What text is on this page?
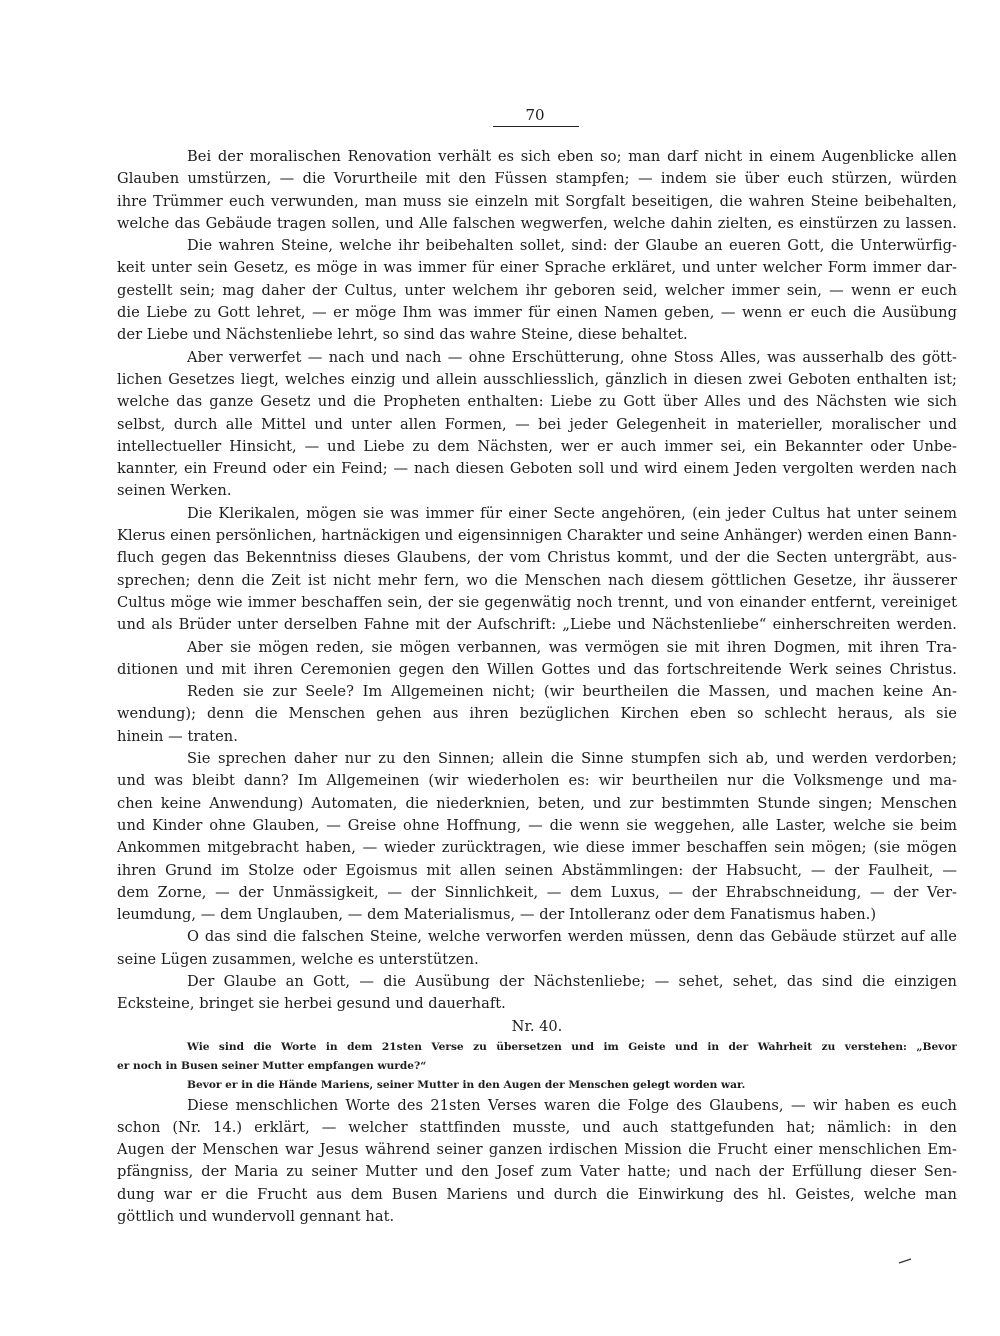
70
Bei der moralischen Renovation verhält es sich eben so; man darf nicht in einem Augenblicke allen
Glauben umstürzen, — die Vorurtheile mit den Füssen stampfen; — indem sie über euch stürzen, würden
ihre Trümmer euch verwunden, man muss sie einzeln mit Sorgfalt beseitigen, die wahren Steine beibehalten,
welche das Gebäude tragen sollen, und Alle falschen wegwerfen, welche dahin zielten, es einstürzen zu lassen.
Die wahren Steine, welche ihr beibehalten sollet, sind: der Glaube an eueren Gott, die Unterwürfig-
keit unter sein Gesetz, es möge in was immer für einer Sprache erkläret, und unter welcher Form immer dar-
gestellt sein; mag daher der Cultus, unter welchem ihr geboren seid, welcher immer sein, — wenn er euch
die Liebe zu Gott lehret, — er möge Ihm was immer für einen Namen geben, — wenn er euch die Ausübung
der Liebe und Nächstenliebe lehrt, so sind das wahre Steine, diese behaltet.
Aber verwerfet — nach und nach — ohne Erschütterung, ohne Stoss Alles, was ausserhalb des gött-
lichen Gesetzes liegt, welches einzig und allein ausschliesslich, gänzlich in diesen zwei Geboten enthalten ist;
welche das ganze Gesetz und die Propheten enthalten: Liebe zu Gott über Alles und des Nächsten wie sich
selbst, durch alle Mittel und unter allen Formen, — bei jeder Gelegenheit in materieller, moralischer und
intellectueller Hinsicht, — und Liebe zu dem Nächsten, wer er auch immer sei, ein Bekannter oder Unbe-
kannter, ein Freund oder ein Feind; — nach diesen Geboten soll und wird einem Jeden vergolten werden nach
seinen Werken.
Die Klerikalen, mögen sie was immer für einer Secte angehören, (ein jeder Cultus hat unter seinem
Klerus einen persönlichen, hartnäckigen und eigensinnigen Charakter und seine Anhänger) werden einen Bann-
fluch gegen das Bekenntniss dieses Glaubens, der vom Christus kommt, und der die Secten untergräbt, aus-
sprechen; denn die Zeit ist nicht mehr fern, wo die Menschen nach diesem göttlichen Gesetze, ihr äusserer
Cultus möge wie immer beschaffen sein, der sie gegenwätig noch trennt, und von einander entfernt, vereiniget
und als Brüder unter derselben Fahne mit der Aufschrift: „Liebe und Nächstenliebe“ einherschreiten werden.
Aber sie mögen reden, sie mögen verbannen, was vermögen sie mit ihren Dogmen, mit ihren Tra-
ditionen und mit ihren Ceremonien gegen den Willen Gottes und das fortschreitende Werk seines Christus.
Reden sie zur Seele? Im Allgemeinen nicht; (wir beurtheilen die Massen, und machen keine An-
wendung); denn die Menschen gehen aus ihren bezüglichen Kirchen eben so schlecht heraus, als sie
hinein — traten.
Sie sprechen daher nur zu den Sinnen; allein die Sinne stumpfen sich ab, und werden verdorben;
und was bleibt dann? Im Allgemeinen (wir wiederholen es: wir beurtheilen nur die Volksmenge und ma-
chen keine Anwendung) Automaten, die niederknien, beten, und zur bestimmten Stunde singen; Menschen
und Kinder ohne Glauben, — Greise ohne Hoffnung, — die wenn sie weggehen, alle Laster, welche sie beim
Ankommen mitgebracht haben, — wieder zurücktragen, wie diese immer beschaffen sein mögen; (sie mögen
ihren Grund im Stolze oder Egoismus mit allen seinen Abstämmlingen: der Habsucht, — der Faulheit, —
dem Zorne, — der Unmässigkeit, — der Sinnlichkeit, — dem Luxus, — der Ehrabschneidung, — der Ver-
leumdung, — dem Unglauben, — dem Materialismus, — der Intolleranz oder dem Fanatismus haben.)
O das sind die falschen Steine, welche verworfen werden müssen, denn das Gebäude stürzet auf alle
seine Lügen zusammen, welche es unterstützen.
Der Glaube an Gott, — die Ausübung der Nächstenliebe; — sehet, sehet, das sind die einzigen
Ecksteine, bringet sie herbei gesund und dauerhaft.
Nr. 40.
Wie sind die Worte in dem 21sten Verse zu übersetzen und im Geiste und in der Wahrheit zu verstehen: „Bevor
er noch in Busen seiner Mutter empfangen wurde?“
Bevor er in die Hände Mariens, seiner Mutter in den Augen der Menschen gelegt worden war.
Diese menschlichen Worte des 21sten Verses waren die Folge des Glaubens, — wir haben es euch
schon (Nr. 14.) erklärt, — welcher stattfinden musste, und auch stattgefunden hat; nämlich: in den
Augen der Menschen war Jesus während seiner ganzen irdischen Mission die Frucht einer menschlichen Em-
pfängniss, der Maria zu seiner Mutter und den Josef zum Vater hatte; und nach der Erfüllung dieser Sen-
dung war er die Frucht aus dem Busen Mariens und durch die Einwirkung des hl. Geistes, welche man
göttlich und wundervoll gennant hat.
